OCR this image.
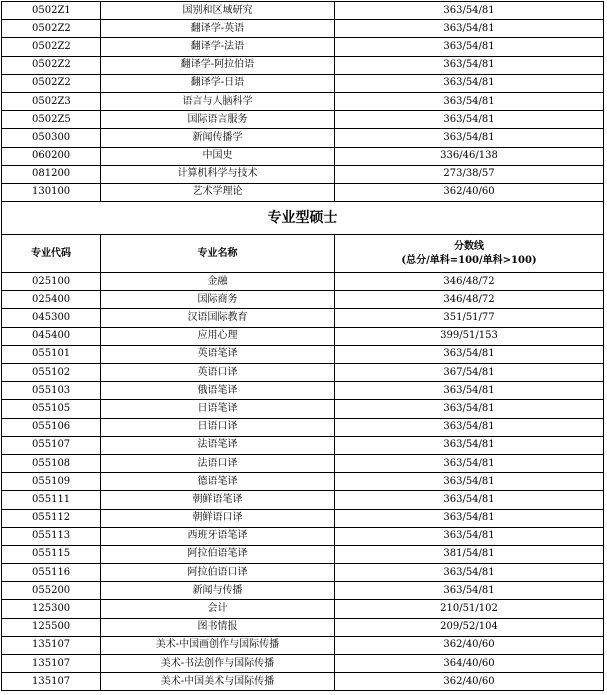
0502Z1	国别和区域研究	363/54/81
0502Z2	翻译学-英语	363/54/81
0502Z2	翻译学-法语	363/54/81
0502Z2	翻译学-阿拉伯语	363/54/81
0502Z2	翻译学-日语	363/54/81
0502Z3	语言与人脑科学	363/54/81
0502Z5	国际语言服务	363/54/81
050300	新闻传播学	363/54/81
060200	中国史	336/46/138
081200	计算机科学与技术	273/38/57
130100	艺术学理论	362/40/60
专业型硕士		
专业代码	专业名称	分数线
(总分/单科=100/单科>100)

025100	金融	346/48/72
025400	国际商务	346/48/72
045300	汉语国际教育	351/51/77
045400	应用心理	399/51/153
055101	英语笔译	363/54/81
055102	英语口译	367/54/81
055103	俄语笔译	363/54/81
055105	日语笔译	363/54/81
055106	日语口译	363/54/81
055107	法语笔译	363/54/81
055108	法语口译	363/54/81
055109	德语笔译	363/54/81
055111	朝鲜语笔译	363/54/81
055112	朝鲜语口译	363/54/81
055113	西班牙语笔译	363/54/81
055115	阿拉伯语笔译	381/54/81
055116	阿拉伯语口译	363/54/81
055200	新闻与传播	363/54/81
125300	会计	210/51/102
125500	图书情报	209/52/104
135107	美术-中国画创作与国际传播	362/40/60
135107	美术-书法创作与国际传播	364/40/60
135107	美术-中国美术与国际传播	362/40/60
